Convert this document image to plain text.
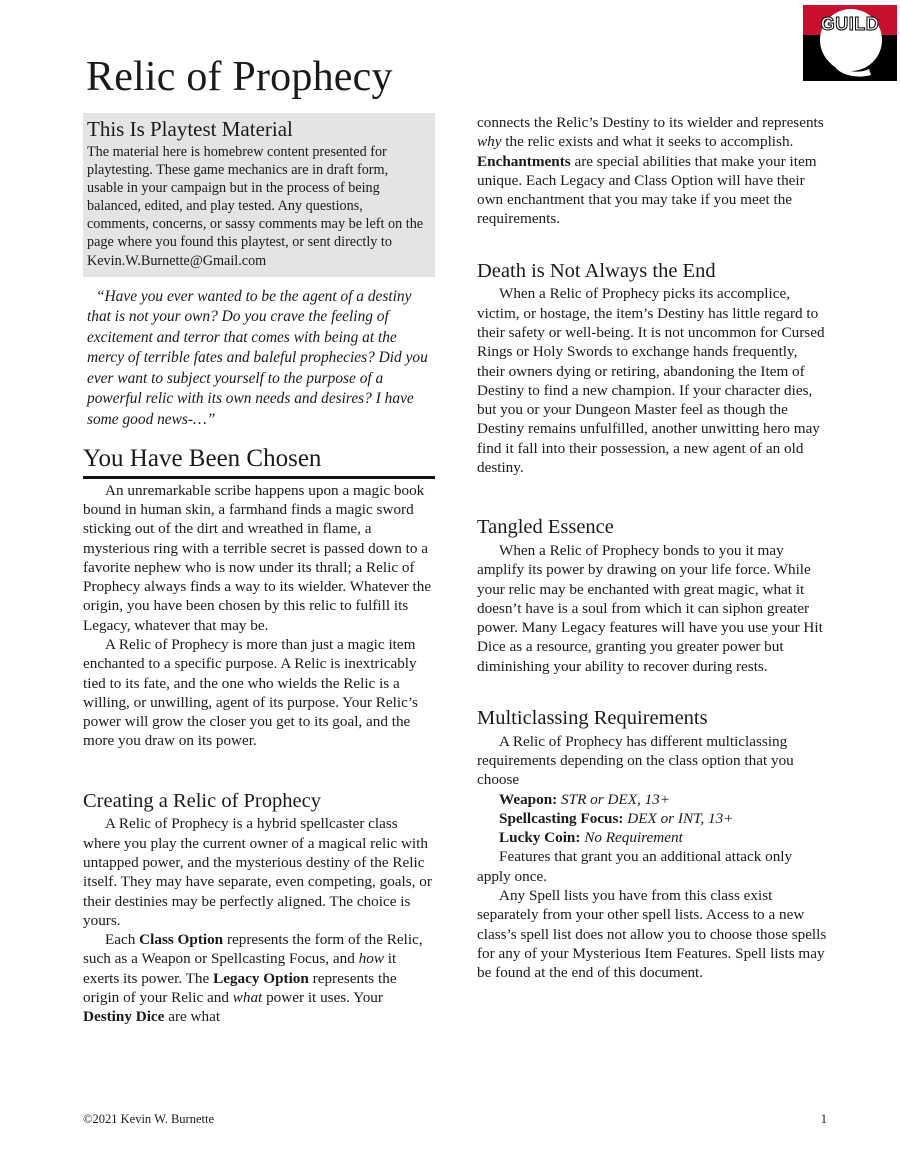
GUILD
Relic of Prophecy
This Is Playtest Material

The material here is homebrew content presented for playtesting. These game mechanics are in draft form, usable in your campaign but in the process of being balanced, edited, and play tested. Any questions, comments, concerns, or sassy comments may be left on the page where you found this playtest, or sent directly to Kevin.W.Burnette@Gmail.com

“Have you ever wanted to be the agent of a destiny that is not your own? Do you crave the feeling of excitement and terror that comes with being at the mercy of terrible fates and baleful prophecies? Did you ever want to subject yourself to the purpose of a powerful relic with its own needs and desires? I have some good news-…”

You Have Been Chosen

An unremarkable scribe happens upon a magic book bound in human skin, a farmhand finds a magic sword sticking out of the dirt and wreathed in flame, a mysterious ring with a terrible secret is passed down to a favorite nephew who is now under its thrall; a Relic of Prophecy always finds a way to its wielder. Whatever the origin, you have been chosen by this relic to fulfill its Legacy, whatever that may be.

A Relic of Prophecy is more than just a magic item enchanted to a specific purpose. A Relic is inextricably tied to its fate, and the one who wields the Relic is a willing, or unwilling, agent of its purpose. Your Relic’s power will grow the closer you get to its goal, and the more you draw on its power.

Creating a Relic of Prophecy

A Relic of Prophecy is a hybrid spellcaster class where you play the current owner of a magical relic with untapped power, and the mysterious destiny of the Relic itself. They may have separate, even competing, goals, or their destinies may be perfectly aligned. The choice is yours.

Each Class Option represents the form of the Relic, such as a Weapon or Spellcasting Focus, and how it exerts its power. The Legacy Option represents the origin of your Relic and what power it uses. Your Destiny Dice are what

connects the Relic’s Destiny to its wielder and represents why the relic exists and what it seeks to accomplish. Enchantments are special abilities that make your item unique. Each Legacy and Class Option will have their own enchantment that you may take if you meet the requirements.

Death is Not Always the End

When a Relic of Prophecy picks its accomplice, victim, or hostage, the item’s Destiny has little regard to their safety or well-being. It is not uncommon for Cursed Rings or Holy Swords to exchange hands frequently, their owners dying or retiring, abandoning the Item of Destiny to find a new champion. If your character dies, but you or your Dungeon Master feel as though the Destiny remains unfulfilled, another unwitting hero may find it fall into their possession, a new agent of an old destiny.

Tangled Essence

When a Relic of Prophecy bonds to you it may amplify its power by drawing on your life force. While your relic may be enchanted with great magic, what it doesn’t have is a soul from which it can siphon greater power. Many Legacy features will have you use your Hit Dice as a resource, granting you greater power but diminishing your ability to recover during rests.

Multiclassing Requirements

A Relic of Prophecy has different multiclassing requirements depending on the class option that you choose

Weapon: STR or DEX, 13+

Spellcasting Focus: DEX or INT, 13+

Lucky Coin: No Requirement

Features that grant you an additional attack only apply once.

Any Spell lists you have from this class exist separately from your other spell lists. Access to a new class’s spell list does not allow you to choose those spells for any of your Mysterious Item Features. Spell lists may be found at the end of this document.

©2021 Kevin W. Burnette	1
